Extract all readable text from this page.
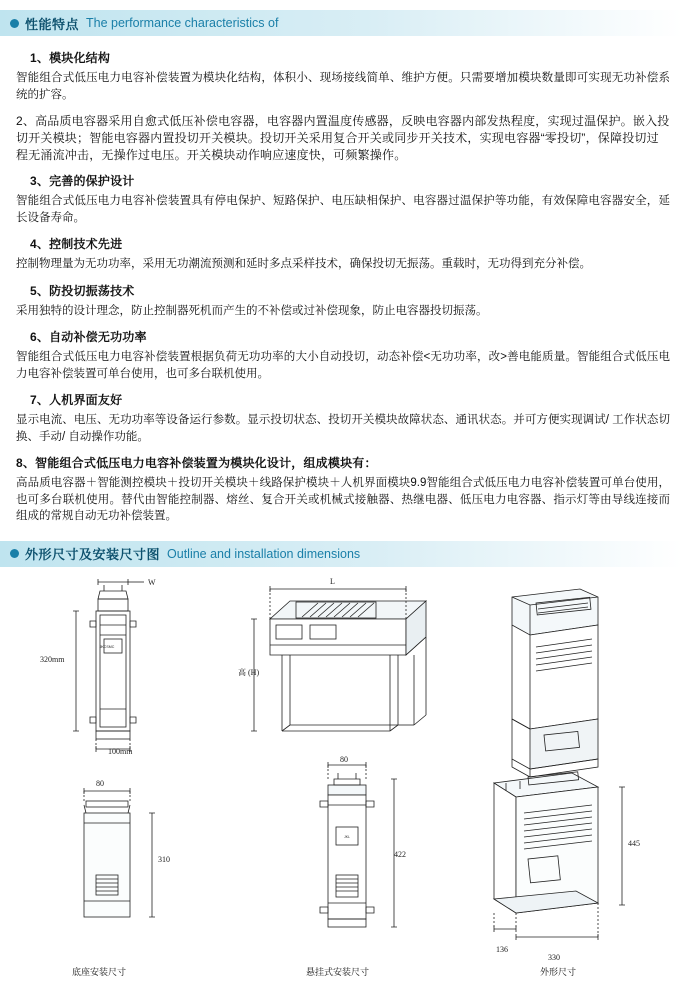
性能特点 The performance characteristics of
1、模块化结构
智能组合式低压电力电容补偿装置为模块化结构，体积小、现场接线简单、维护方便。只需要增加模块数量即可实现无功补偿系统的扩容。
2、高品质电容器采用自愈式低压补偿电容器，电容器内置温度传感器，反映电容器内部发热程度，实现过温保护。嵌入投切开关模块；智能电容器内置投切开关模块。投切开关采用复合开关或同步开关技术，实现电容器“零投切”，保障投切过程无涌流冲击，无操作过电压。开关模块动作响应速度快，可频繁操作。
3、完善的保护设计
智能组合式低压电力电容补偿装置具有停电保护、短路保护、电压缺相保护、电容器过温保护等功能，有效保障电容器安全，延长设备寿命。
4、控制技术先进
控制物理量为无功功率，采用无功潮流预测和延时多点采样技术，确保投切无振荡。重载时，无功得到充分补偿。
5、防投切振荡技术
采用独特的设计理念，防止控制器死机而产生的不补偿或过补偿现象，防止电容器投切振荡。
6、自动补偿无功功率
智能组合式低压电力电容补偿装置根据负荷无功功率的大小自动投切，动态补偿<无功功率，改>善电能质量。智能组合式低压电力电容补偿装置可单台使用，也可多台联机使用。
7、人机界面友好
显示电流、电压、无功功率等设备运行参数。显示投切状态、投切开关模块故障状态、通讯状态。并可方便实现调试/ 工作状态切换、手动/ 自动操作功能。
8、智能组合式低压电力电容补偿装置为模块化设计，组成模块有：
高品质电容器＋智能测控模块＋投切开关模块＋线路保护模块＋人机界面模块9.9智能组合式低压电力电容补偿装置可单台使用，也可多台联机使用。替代由智能控制器、熔丝、复合开关或机械式接触器、热继电器、低压电力电容器、指示灯等由导线连接而组成的常规自动无功补偿装置。
外形尺寸及安装尺寸图 Outline and installation dimensions
JKCSMC
W
320mm
100mm
L
高 (H)
80
310
底座安装尺寸
JKL
80
422
悬挂式安装尺寸
445
136
330
外形尺寸
